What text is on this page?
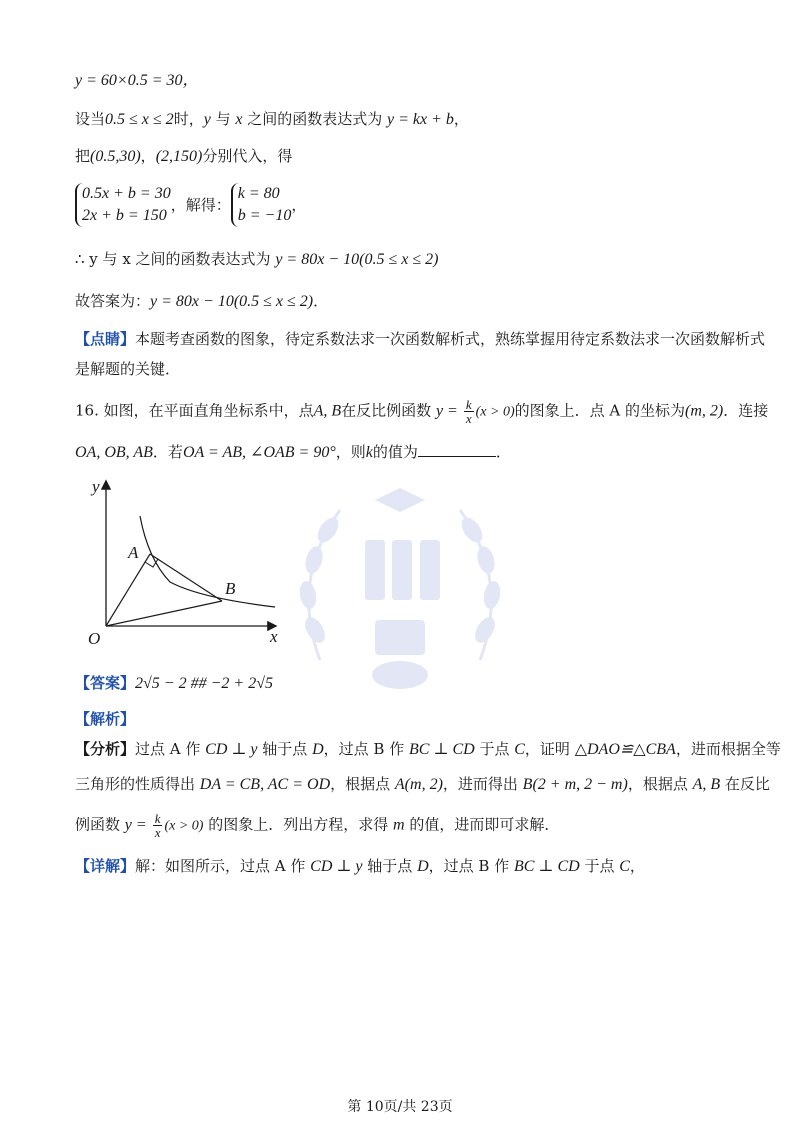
y = 60×0.5 = 30，
设当0.5 ≤ x ≤ 2时，y 与 x 之间的函数表达式为 y = kx + b，
把(0.5,30)，(2,150)分别代入，得
0.5x + b = 30
2x + b = 150
，解得：
k = 80
b = −10
，
∴ y 与 x 之间的函数表达式为 y = 80x − 10(0.5 ≤ x ≤ 2)
故答案为：y = 80x − 10(0.5 ≤ x ≤ 2)．
【点睛】本题考查函数的图象，待定系数法求一次函数解析式，熟练掌握用待定系数法求一次函数解析式
是解题的关键．
16. 如图，在平面直角坐标系中，点A, B在反比例函数 $y = \frac{k}{x} (x > 0)$的图象上．点 A 的坐标为(m, 2)．连接
OA, OB, AB．若OA = AB, ∠OAB = 90°，则k的值为	．
y
x
O
A
B
【答案】2√5 − 2 ## −2 + 2√5
【解析】
【分析】过点 A 作 CD ⊥ y 轴于点 D，过点 B 作 BC ⊥ CD 于点 C，证明 △DAO≌△CBA，进而根据全等
三角形的性质得出 DA = CB, AC = OD，根据点 A(m, 2)，进而得出 B(2 + m, 2 − m)，根据点 A, B 在反比
例函数 $y = \frac{k}{x} (x > 0)$ 的图象上．列出方程，求得 m 的值，进而即可求解．
【详解】解：如图所示，过点 A 作 CD ⊥ y 轴于点 D，过点 B 作 BC ⊥ CD 于点 C，
第 10页/共 23页
